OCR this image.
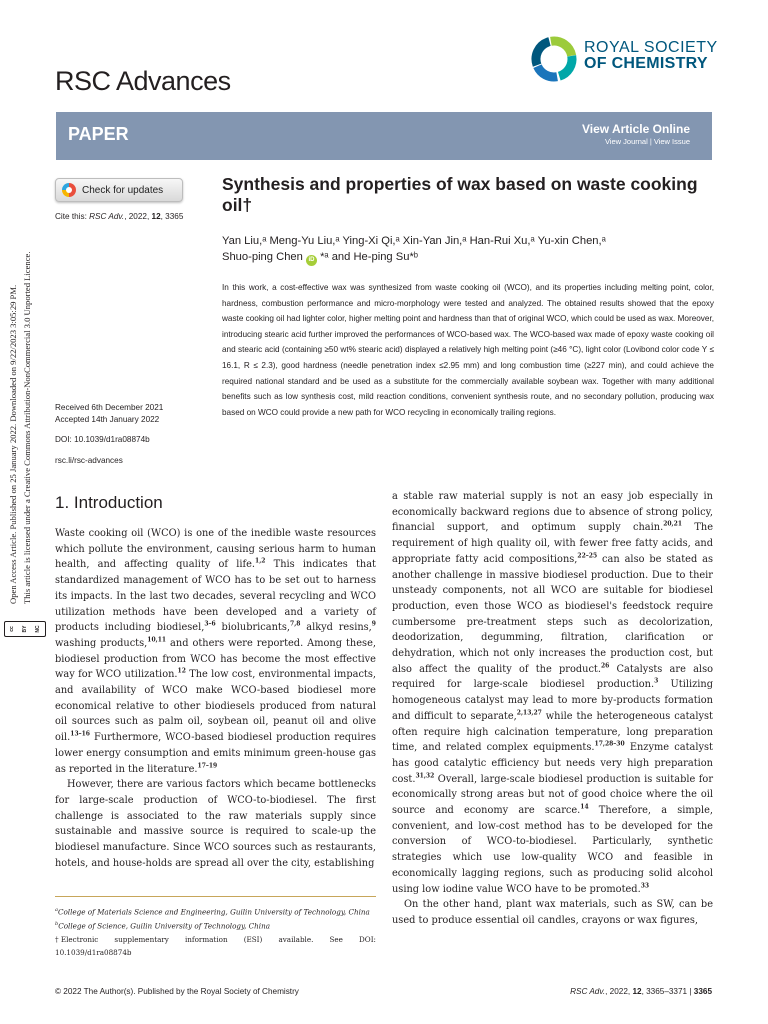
Open Access Article. Published on 25 January 2022. Downloaded on 9/22/2023 3:05:29 PM. This article is licensed under a Creative Commons Attribution-NonCommercial 3.0 Unported Licence.
cc BY NC
RSC Advances
ROYAL SOCIETY
OF CHEMISTRY
PAPER	View Article Online
View Journal | View Issue
Check for updates
Cite this: RSC Adv., 2022, 12, 3365
Synthesis and properties of wax based on waste cooking oil†
Yan Liu,ᵃ Meng-Yu Liu,ᵃ Ying-Xi Qi,ᵃ Xin-Yan Jin,ᵃ Han-Rui Xu,ᵃ Yu-xin Chen,ᵃ
Shuo-ping Chen iD *ᵃ and He-ping Su*ᵇ
In this work, a cost-effective wax was synthesized from waste cooking oil (WCO), and its properties including melting point, color, hardness, combustion performance and micro-morphology were tested and analyzed. The obtained results showed that the epoxy waste cooking oil had lighter color, higher melting point and hardness than that of original WCO, which could be used as wax. Moreover, introducing stearic acid further improved the performances of WCO-based wax. The WCO-based wax made of epoxy waste cooking oil and stearic acid (containing ≥50 wt% stearic acid) displayed a relatively high melting point (≥46 °C), light color (Lovibond color code Y ≤ 16.1, R ≤ 2.3), good hardness (needle penetration index ≤2.95 mm) and long combustion time (≥227 min), and could achieve the required national standard and be used as a substitute for the commercially available soybean wax. Together with many additional benefits such as low synthesis cost, mild reaction conditions, convenient synthesis route, and no secondary pollution, producing wax based on WCO could provide a new path for WCO recycling in economically trailing regions.
Received 6th December 2021
Accepted 14th January 2022
DOI: 10.1039/d1ra08874b
rsc.li/rsc-advances
1. Introduction

Waste cooking oil (WCO) is one of the inedible waste resources which pollute the environment, causing serious harm to human health, and affecting quality of life.$^{1,2}$ This indicates that standardized management of WCO has to be set out to harness its impacts. In the last two decades, several recycling and WCO utilization methods have been developed and a variety of products including biodiesel,$^{3-6}$ biolubricants,$^{7,8}$ alkyd resins,$^9$ washing products,$^{10,11}$ and others were reported. Among these, biodiesel production from WCO has become the most effective way for WCO utilization.$^{12}$ The low cost, environmental impacts, and availability of WCO make WCO-based biodiesel more economical relative to other biodiesels produced from natural oil sources such as palm oil, soybean oil, peanut oil and olive oil.$^{13-16}$ Furthermore, WCO-based biodiesel production requires lower energy consumption and emits minimum green-house gas as reported in the literature.$^{17-19}$

However, there are various factors which became bottlenecks for large-scale production of WCO-to-biodiesel. The first challenge is associated to the raw materials supply since sustainable and massive source is required to scale-up the biodiesel manufacture. Since WCO sources such as restaurants, hotels, and house-holds are spread all over the city, establishing

a stable raw material supply is not an easy job especially in economically backward regions due to absence of strong policy, financial support, and optimum supply chain.$^{20,21}$ The requirement of high quality oil, with fewer free fatty acids, and appropriate fatty acid compositions,$^{22-25}$ can also be stated as another challenge in massive biodiesel production. Due to their unsteady components, not all WCO are suitable for biodiesel production, even those WCO as biodiesel's feedstock require cumbersome pre-treatment steps such as decolorization, deodorization, degumming, filtration, clarification or dehydration, which not only increases the production cost, but also affect the quality of the product.$^{26}$ Catalysts are also required for large-scale biodiesel production.$^3$ Utilizing homogeneous catalyst may lead to more by-products formation and difficult to separate,$^{2,13,27}$ while the heterogeneous catalyst often require high calcination temperature, long preparation time, and related complex equipments.$^{17,28-30}$ Enzyme catalyst has good catalytic efficiency but needs very high preparation cost.$^{31,32}$ Overall, large-scale biodiesel production is suitable for economically strong areas but not of good choice where the oil source and economy are scarce.$^{14}$ Therefore, a simple, convenient, and low-cost method has to be developed for the conversion of WCO-to-biodiesel. Particularly, synthetic strategies which use low-quality WCO and feasible in economically lagging regions, such as producing solid alcohol using low iodine value WCO have to be promoted.$^{33}$

On the other hand, plant wax materials, such as SW, can be used to produce essential oil candles, crayons or wax figures,

$^a$College of Materials Science and Engineering, Guilin University of Technology, China
$^b$College of Science, Guilin University of Technology, China
† Electronic supplementary information (ESI) available. See DOI:
10.1039/d1ra08874b
© 2022 The Author(s). Published by the Royal Society of Chemistry	RSC Adv., 2022, 12, 3365–3371 | 3365
